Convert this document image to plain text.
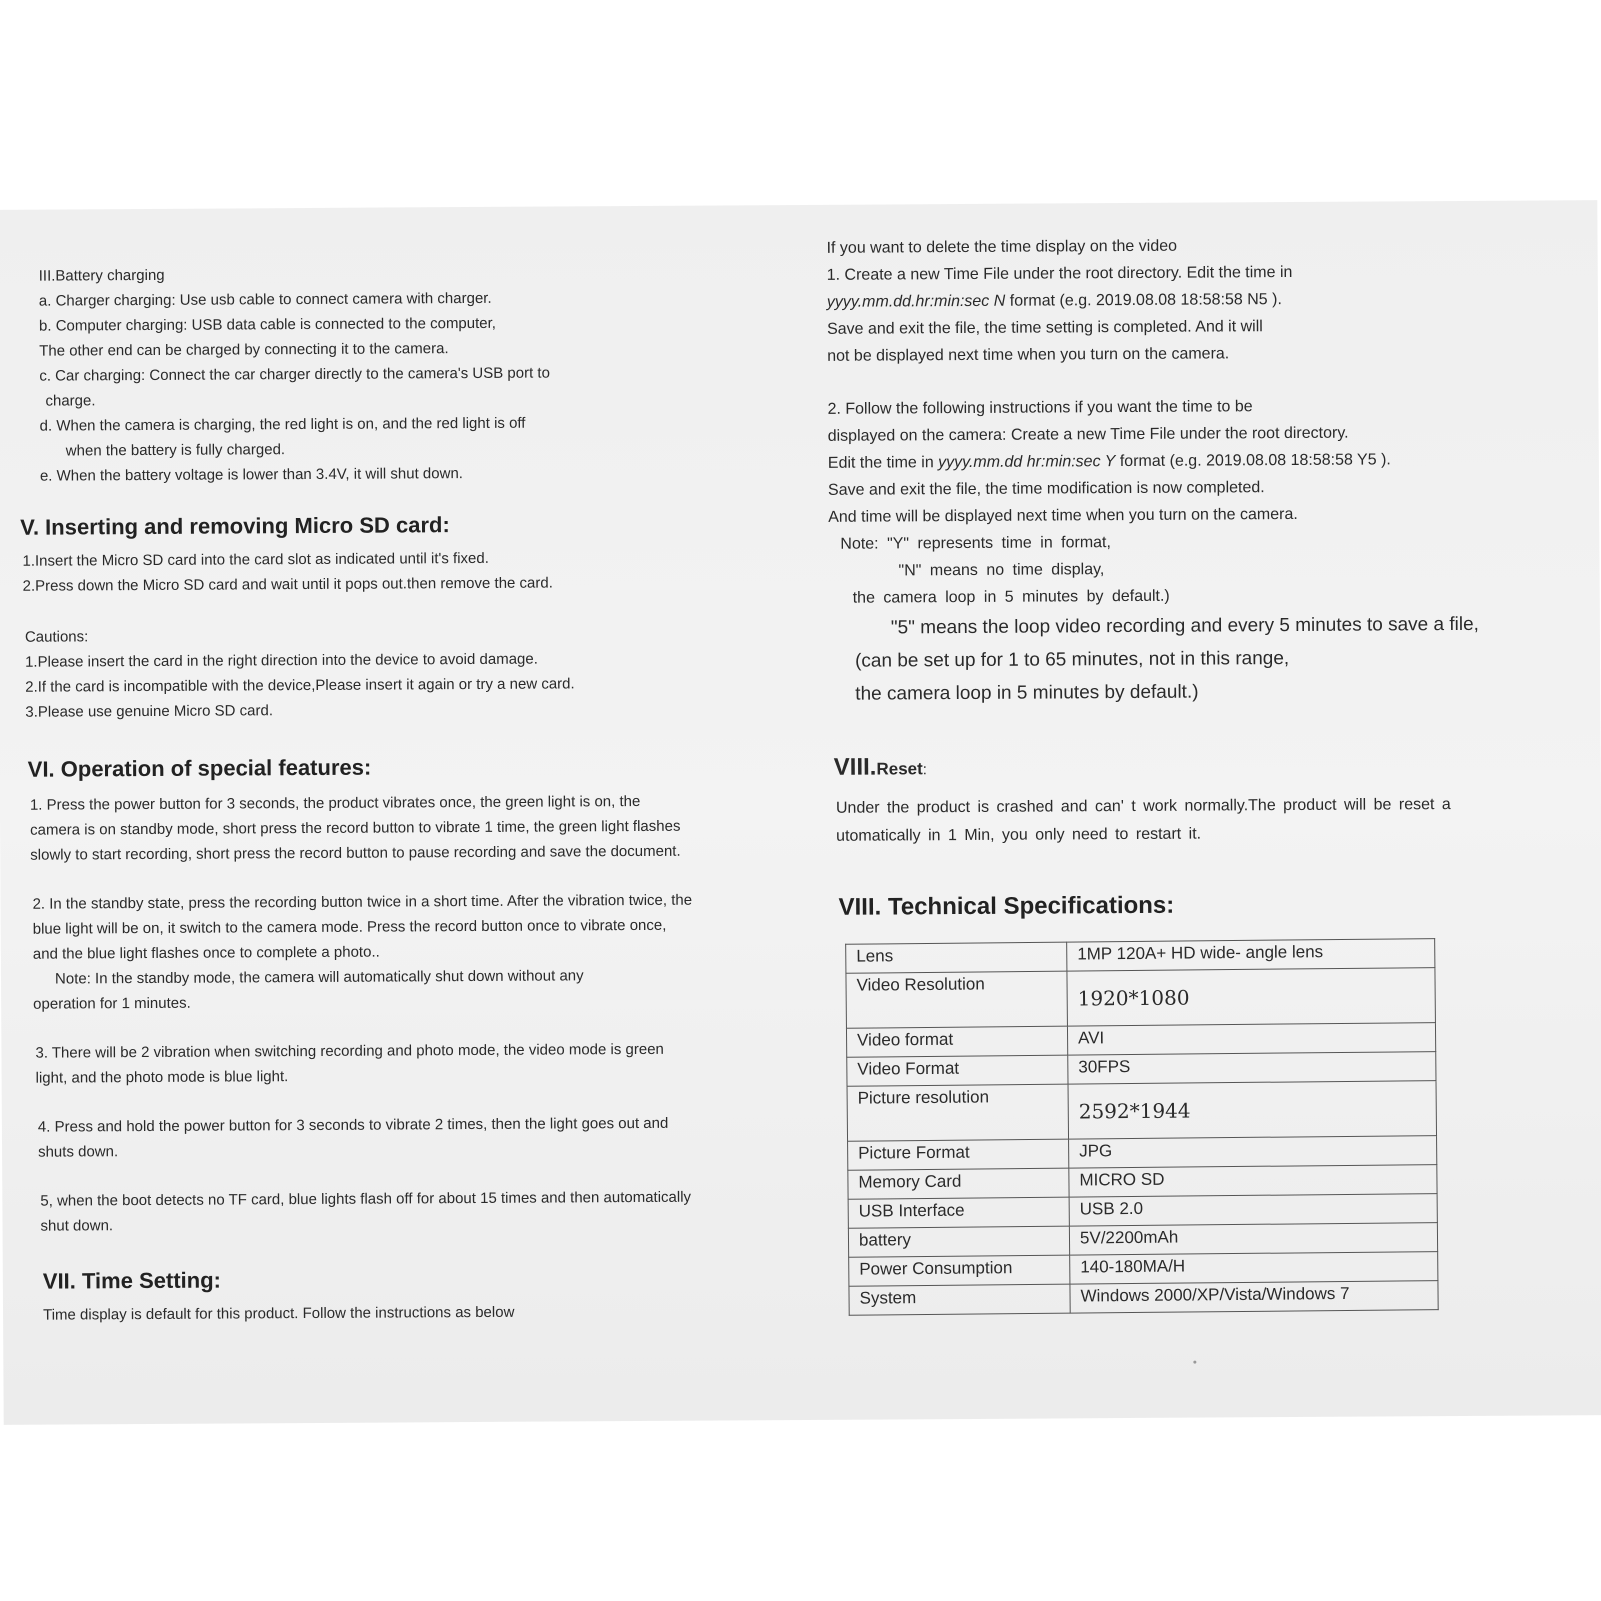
III.Battery charging

a. Charger charging: Use usb cable to connect camera with charger.

b. Computer charging: USB data cable is connected to the computer,

The other end can be charged by connecting it to the camera.

c. Car charging: Connect the car charger directly to the camera's USB port to

charge.

d. When the camera is charging, the red light is on, and the red light is off

when the battery is fully charged.

e. When the battery voltage is lower than 3.4V, it will shut down.

V. Inserting and removing Micro SD card:

1.Insert the Micro SD card into the card slot as indicated until it's fixed.

2.Press down the Micro SD card and wait until it pops out.then remove the card.

Cautions:

1.Please insert the card in the right direction into the device to avoid damage.

2.If the card is incompatible with the device,Please insert it again or try a new card.

3.Please use genuine Micro SD card.

VI. Operation of special features:

1. Press the power button for 3 seconds, the product vibrates once, the green light is on, the camera is on standby mode, short press the record button to vibrate 1 time, the green light flashes slowly to start recording, short press the record button to pause recording and save the document.

2. In the standby state, press the recording button twice in a short time. After the vibration twice, the blue light will be on, it switch to the camera mode. Press the record button once to vibrate once, and the blue light flashes once to complete a photo..

Note: In the standby mode, the camera will automatically shut down without any

operation for 1 minutes.

3. There will be 2 vibration when switching recording and photo mode, the video mode is green light, and the photo mode is blue light.

4. Press and hold the power button for 3 seconds to vibrate 2 times, then the light goes out and shuts down.

5, when the boot detects no TF card, blue lights flash off for about 15 times and then automatically shut down.

VII. Time Setting:

Time display is default for this product. Follow the instructions as below

If you want to delete the time display on the video

1. Create a new Time File under the root directory. Edit the time in

yyyy.mm.dd.hr:min:sec N format (e.g. 2019.08.08 18:58:58 N5 ).

Save and exit the file, the time setting is completed. And it will

not be displayed next time when you turn on the camera.

2. Follow the following instructions if you want the time to be

displayed on the camera: Create a new Time File under the root directory.

Edit the time in yyyy.mm.dd hr:min:sec Y format (e.g. 2019.08.08 18:58:58 Y5 ).

Save and exit the file, the time modification is now completed.

And time will be displayed next time when you turn on the camera.

Note: "Y" represents time in format,

"N" means no time display,

the camera loop in 5 minutes by default.)

"5" means the loop video recording and every 5 minutes to save a file,

(can be set up for 1 to 65 minutes, not in this range,

the camera loop in 5 minutes by default.)

VIII.Reset:

Under the product is crashed and can' t work normally.The product will be reset a

utomatically in 1 Min, you only need to restart it.

VIII. Technical Specifications:

Lens	1MP 120A+ HD wide- angle lens
Video Resolution	1920*1080
Video format	AVI
Video Format	30FPS
Picture resolution	2592*1944
Picture Format	JPG
Memory Card	MICRO SD
USB Interface	USB 2.0
battery	5V/2200mAh
Power Consumption	140-180MA/H
System	Windows 2000/XP/Vista/Windows 7
